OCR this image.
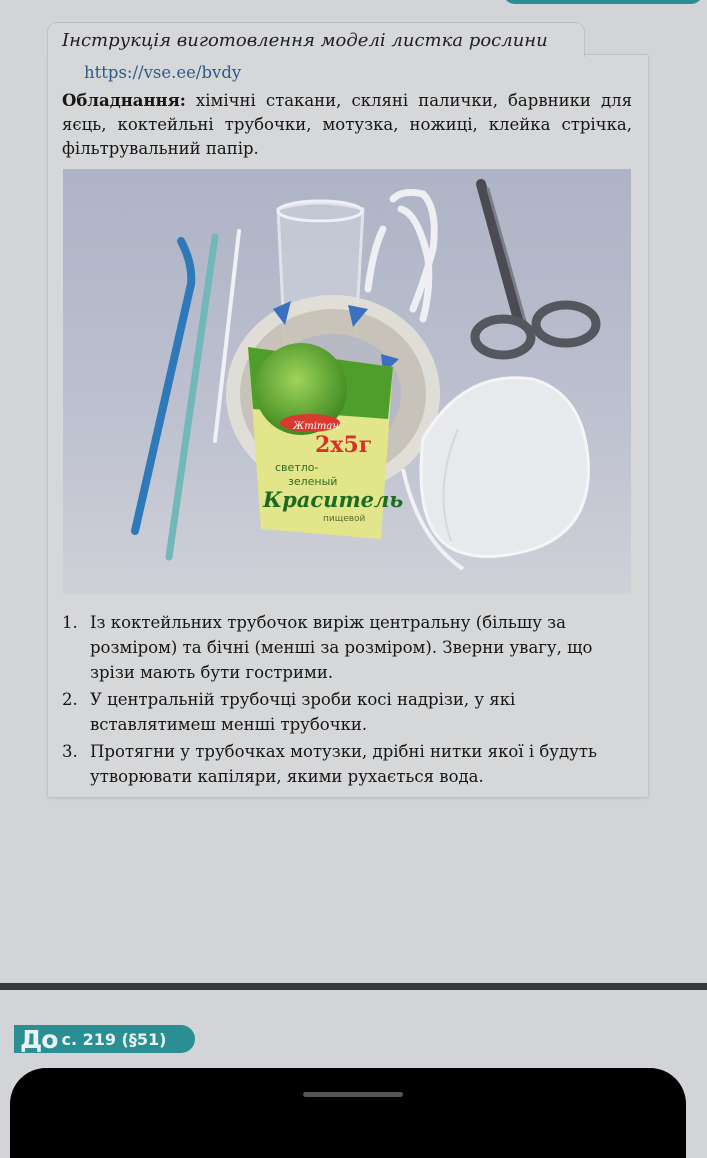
Інструкція виготовлення моделі листка рослини
https://vse.ee/bvdy
Обладнання: хімічні стакани, скляні палички, барвники для яєць, коктейльні трубочки, мотузка, ножиці, клейка стрічка, фільтрувальний папір.
Жтітан
2х5г
светло-
зеленый
Краситель
пищевой
1. Із коктейльних трубочок виріж центральну (більшу за розміром) та бічні (менші за розміром). Зверни увагу, що зрізи мають бути гострими.
2. У центральній трубочці зроби косі надрізи, у які вставлятимеш менші трубочки.
3. Протягни у трубочках мотузки, дрібні нитки якої і будуть утворювати капіляри, якими рухається вода.
До с. 219 (§51)
